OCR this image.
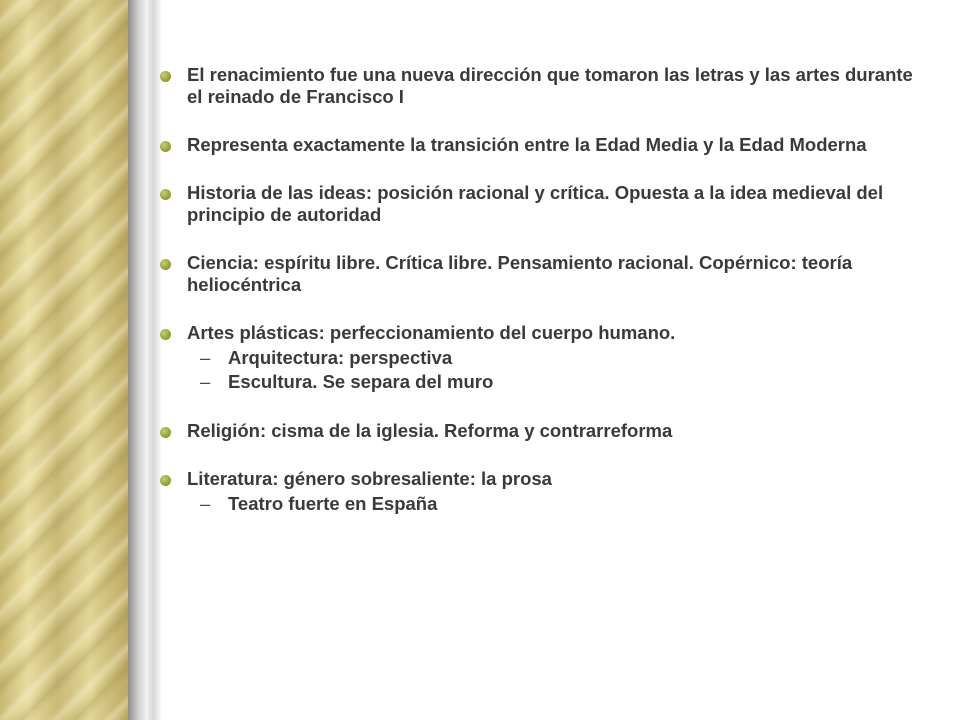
El renacimiento fue una nueva dirección que tomaron las letras y las artes durante el reinado de Francisco I
Representa exactamente la transición entre la Edad Media y la Edad Moderna
Historia de las ideas: posición racional y crítica. Opuesta a la idea medieval del principio de autoridad
Ciencia: espíritu libre. Crítica libre. Pensamiento racional. Copérnico: teoría heliocéntrica
Artes plásticas: perfeccionamiento del cuerpo humano.
– Arquitectura: perspectiva
– Escultura. Se separa del muro
Religión: cisma de la iglesia. Reforma y contrarreforma
Literatura: género sobresaliente: la prosa
– Teatro fuerte en España
